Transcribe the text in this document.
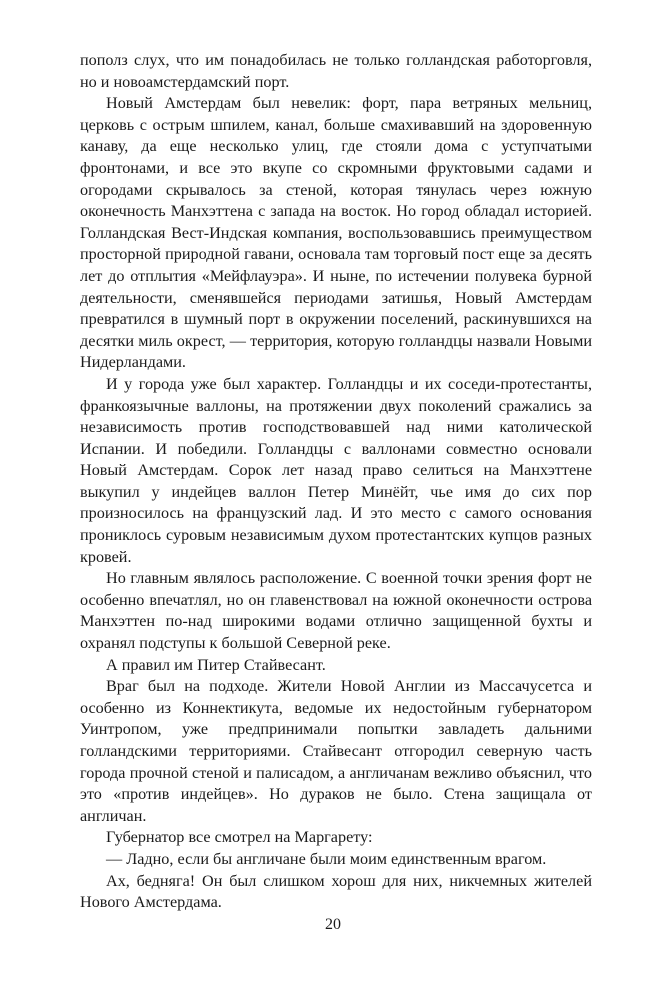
пополз слух, что им понадобилась не только голландская работорговля, но и новоамстердамский порт.

Новый Амстердам был невелик: форт, пара ветряных мельниц, церковь с острым шпилем, канал, больше смахивавший на здоровенную канаву, да еще несколько улиц, где стояли дома с уступчатыми фронтонами, и все это вкупе со скромными фруктовыми садами и огородами скрывалось за стеной, которая тянулась через южную оконечность Манхэттена с запада на восток. Но город обладал историей. Голландская Вест-Индская компания, воспользовавшись преимуществом просторной природной гавани, основала там торговый пост еще за десять лет до отплытия «Мейфлауэра». И ныне, по истечении полувека бурной деятельности, сменявшейся периодами затишья, Новый Амстердам превратился в шумный порт в окружении поселений, раскинувшихся на десятки миль окрест, — территория, которую голландцы назвали Новыми Нидерландами.

И у города уже был характер. Голландцы и их соседи-протестанты, франкоязычные валлоны, на протяжении двух поколений сражались за независимость против господствовавшей над ними католической Испании. И победили. Голландцы с валлонами совместно основали Новый Амстердам. Сорок лет назад право селиться на Манхэттене выкупил у индейцев валлон Петер Минёйт, чье имя до сих пор произносилось на французский лад. И это место с самого основания прониклось суровым независимым духом протестантских купцов разных кровей.

Но главным являлось расположение. С военной точки зрения форт не особенно впечатлял, но он главенствовал на южной оконечности острова Манхэттен по-над широкими водами отлично защищенной бухты и охранял подступы к большой Северной реке.

А правил им Питер Стайвесант.

Враг был на подходе. Жители Новой Англии из Массачусетса и особенно из Коннектикута, ведомые их недостойным губернатором Уинтропом, уже предпринимали попытки завладеть дальними голландскими территориями. Стайвесант отгородил северную часть города прочной стеной и палисадом, а англичанам вежливо объяснил, что это «против индейцев». Но дураков не было. Стена защищала от англичан.

Губернатор все смотрел на Маргарету:

— Ладно, если бы англичане были моим единственным врагом.

Ах, бедняга! Он был слишком хорош для них, никчемных жителей Нового Амстердама.

20
